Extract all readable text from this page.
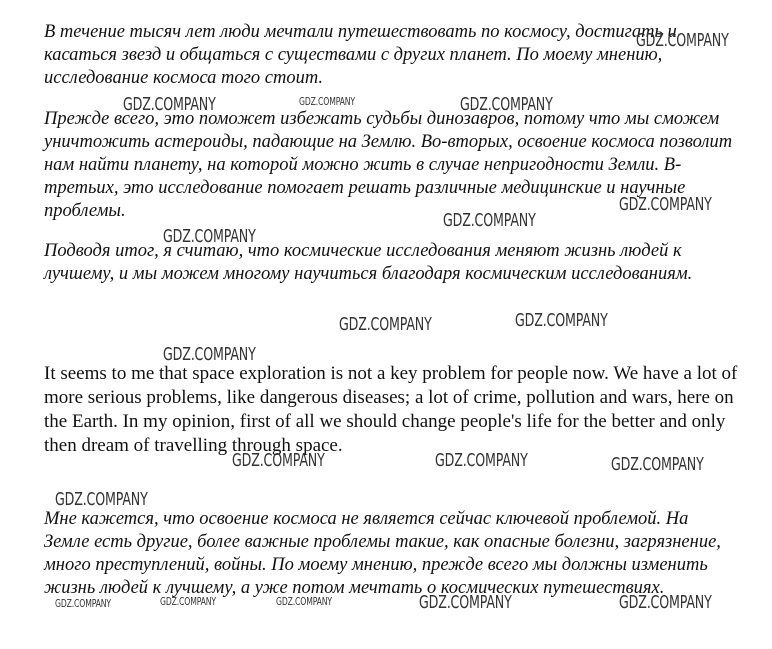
В течение тысяч лет люди мечтали путешествовать по космосу, достигать и касаться звезд и общаться с существами с других планет. По моему мнению, исследование космоса того стоит.

Прежде всего, это поможет избежать судьбы динозавров, потому что мы сможем уничтожить астероиды, падающие на Землю. Во-вторых, освоение космоса позволит нам найти планету, на которой можно жить в случае непригодности Земли. В-третьих, это исследование помогает решать различные медицинские и научные проблемы.

Подводя итог, я считаю, что космические исследования меняют жизнь людей к лучшему, и мы можем многому научиться благодаря космическим исследованиям.

It seems to me that space exploration is not a key problem for people now. We have a lot of more serious problems, like dangerous diseases; a lot of crime, pollution and wars, here on the Earth. In my opinion, first of all we should change people's life for the better and only then dream of travelling through space.

Мне кажется, что освоение космоса не является сейчас ключевой проблемой. На Земле есть другие, более важные проблемы такие, как опасные болезни, загрязнение, много преступлений, войны. По моему мнению, прежде всего мы должны изменить жизнь людей к лучшему, а уже потом мечтать о космических путешествиях.

GDZ.COMPANY
GDZ.COMPANY	GDZ.COMPANY	GDZ.COMPANY
GDZ.COMPANY
GDZ.COMPANY
GDZ.COMPANY
GDZ.COMPANY	GDZ.COMPANY
GDZ.COMPANY
GDZ.COMPANY	GDZ.COMPANY	GDZ.COMPANY
GDZ.COMPANY
GDZ.COMPANY	GDZ.COMPANY	GDZ.COMPANY	GDZ.COMPANY	GDZ.COMPANY
